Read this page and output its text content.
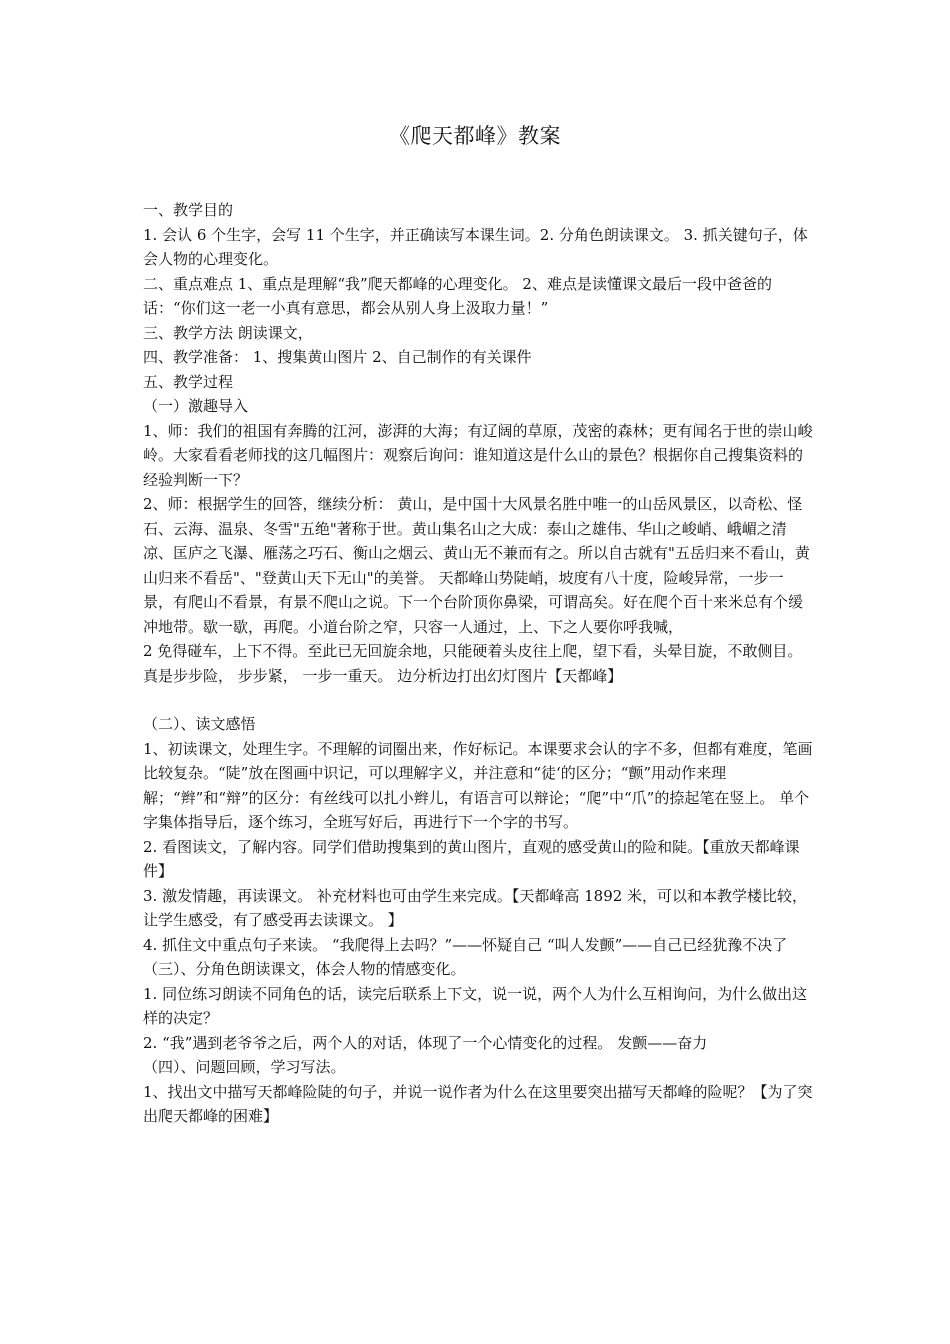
《爬天都峰》教案

一、教学目的

1. 会认 6 个生字，会写 11 个生字，并正确读写本课生词。2. 分角色朗读课文。 3. 抓关键句子，体会人物的心理变化。

二、重点难点 1、重点是理解“我”爬天都峰的心理变化。 2、难点是读懂课文最后一段中爸爸的话：“你们这一老一小真有意思，都会从别人身上汲取力量！”

三、教学方法 朗读课文，

四、教学准备： 1、搜集黄山图片 2、自己制作的有关课件

五、教学过程

（一）激趣导入

1、师：我们的祖国有奔腾的江河，澎湃的大海；有辽阔的草原，茂密的森林；更有闻名于世的崇山峻岭。大家看看老师找的这几幅图片：观察后询问：谁知道这是什么山的景色？根据你自己搜集资料的经验判断一下？

2、师：根据学生的回答，继续分析： 黄山，是中国十大风景名胜中唯一的山岳风景区，以奇松、怪石、云海、温泉、冬雪"五绝"著称于世。黄山集名山之大成：泰山之雄伟、华山之峻峭、峨嵋之清凉、匡庐之飞瀑、雁荡之巧石、衡山之烟云、黄山无不兼而有之。所以自古就有"五岳归来不看山，黄山归来不看岳"、"登黄山天下无山"的美誉。 天都峰山势陡峭，坡度有八十度，险峻异常，一步一景，有爬山不看景，有景不爬山之说。下一个台阶顶你鼻梁，可谓高矣。好在爬个百十来米总有个缓冲地带。歇一歇，再爬。小道台阶之窄，只容一人通过，上、下之人要你呼我喊，

2 免得碰车，上下不得。至此已无回旋余地，只能硬着头皮往上爬，望下看，头晕目旋，不敢侧目。 真是步步险， 步步紧， 一步一重天。 边分析边打出幻灯图片【天都峰】

（二）、读文感悟

1、初读课文，处理生字。不理解的词圈出来，作好标记。本课要求会认的字不多，但都有难度，笔画比较复杂。“陡”放在图画中识记，可以理解字义，并注意和“徒‘的区分；“颤”用动作来理解；“辫”和“辩”的区分：有丝线可以扎小辫儿，有语言可以辩论；“爬”中“爪”的捺起笔在竖上。 单个字集体指导后，逐个练习，全班写好后，再进行下一个字的书写。

2. 看图读文，了解内容。同学们借助搜集到的黄山图片，直观的感受黄山的险和陡。【重放天都峰课件】

3. 激发情趣，再读课文。 补充材料也可由学生来完成。【天都峰高 1892 米，可以和本教学楼比较，让学生感受，有了感受再去读课文。 】

4. 抓住文中重点句子来读。 “我爬得上去吗？”——怀疑自己 “叫人发颤”——自己已经犹豫不决了

（三）、分角色朗读课文，体会人物的情感变化。

1. 同位练习朗读不同角色的话，读完后联系上下文，说一说，两个人为什么互相询问，为什么做出这样的决定？

2. “我”遇到老爷爷之后，两个人的对话，体现了一个心情变化的过程。 发颤——奋力

（四）、问题回顾，学习写法。

1、找出文中描写天都峰险陡的句子，并说一说作者为什么在这里要突出描写天都峰的险呢？【为了突出爬天都峰的困难】
